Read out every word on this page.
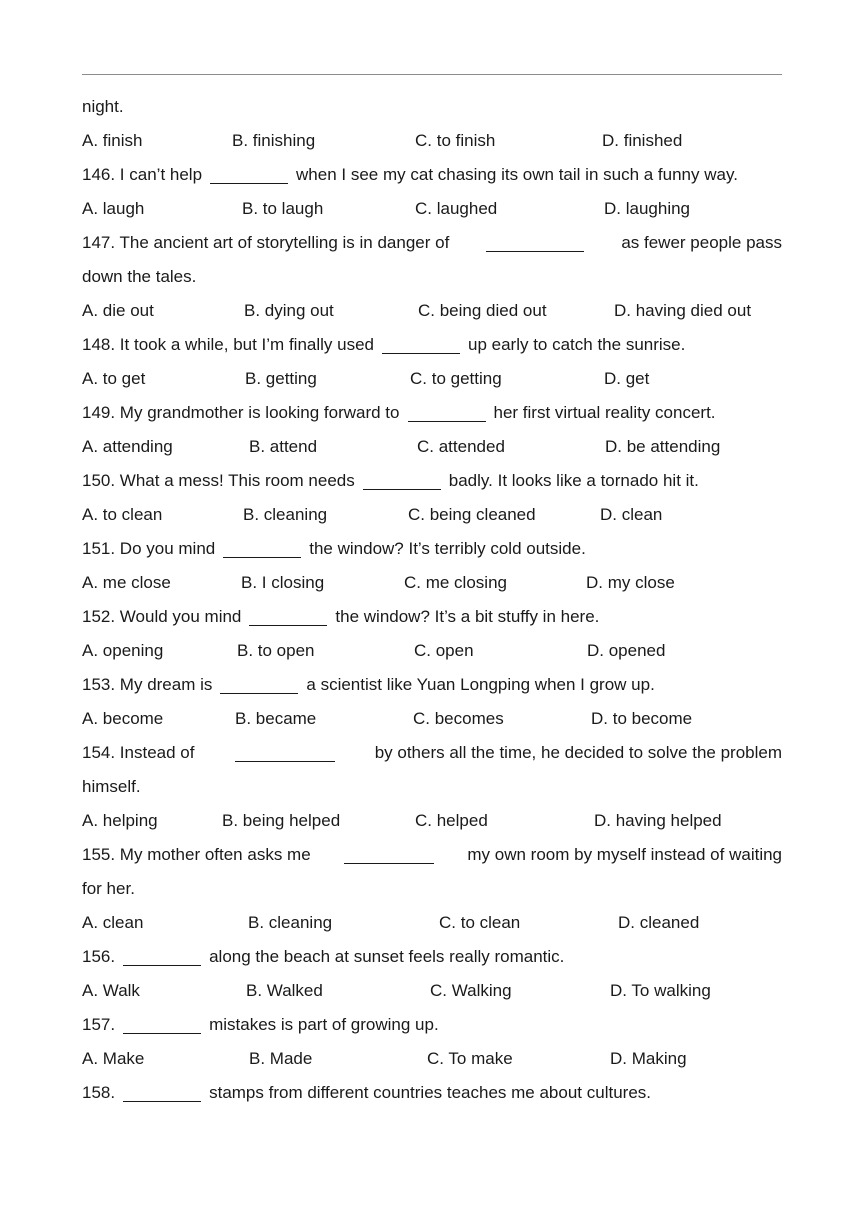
night.
A. finish	B. finishing	C. to finish	D. finished
146. I can’t help	when I see my cat chasing its own tail in such a funny way.
A. laugh	B. to laugh	C. laughed	D. laughing
147. The ancient art of storytelling is in danger of	as fewer people pass
down the tales.
A. die out	B. dying out	C. being died out	D. having died out
148. It took a while, but I’m finally used	up early to catch the sunrise.
A. to get	B. getting	C. to getting	D. get
149. My grandmother is looking forward to	her first virtual reality concert.
A. attending	B. attend	C. attended	D. be attending
150. What a mess! This room needs	badly. It looks like a tornado hit it.
A. to clean	B. cleaning	C. being cleaned	D. clean
151. Do you mind	the window? It’s terribly cold outside.
A. me close	B. I closing	C. me closing	D. my close
152. Would you mind	the window? It’s a bit stuffy in here.
A. opening	B. to open	C. open	D. opened
153. My dream is	a scientist like Yuan Longping when I grow up.
A. become	B. became	C. becomes	D. to become
154. Instead of	by others all the time, he decided to solve the problem
himself.
A. helping	B. being helped	C. helped	D. having helped
155. My mother often asks me	my own room by myself instead of waiting
for her.
A. clean	B. cleaning	C. to clean	D. cleaned
156.	along the beach at sunset feels really romantic.
A. Walk	B. Walked	C. Walking	D. To walking
157.	mistakes is part of growing up.
A. Make	B. Made	C. To make	D. Making
158.	stamps from different countries teaches me about cultures.
